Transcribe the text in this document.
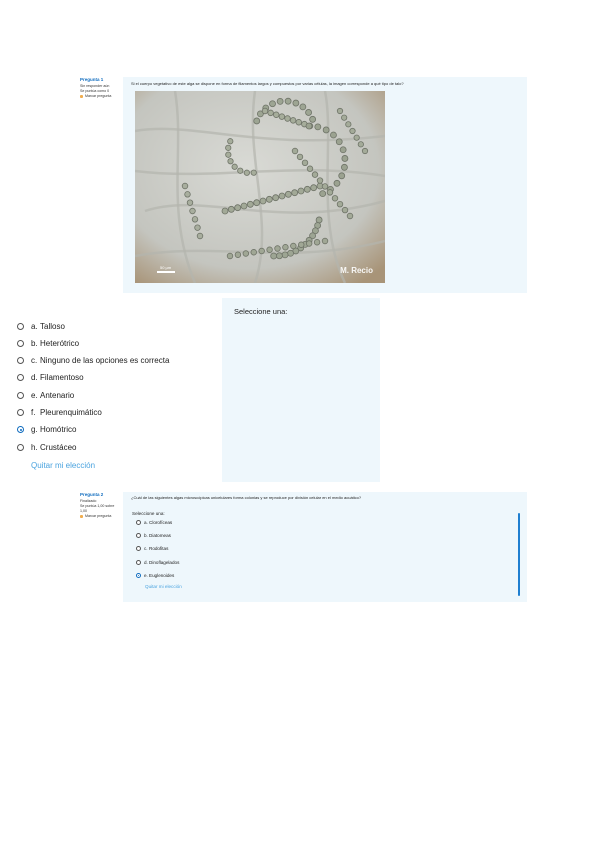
Pregunta 1
Sin responder aún
Se puntúa como 0
Marcar pregunta
Si el cuerpo vegetativo de este alga se dispone en forma de filamentos largos y compuestos por varias células, la imagen corresponde a qué tipo de talo?
50 µm	M. Recio
Seleccione una:
a. Talloso
b. Heterótrico
c. Ninguno de las opciones es correcta
d. Filamentoso
e. Antenario
f. Pleurenquimático
g. Homótrico
h. Crustáceo
Quitar mi elección
Pregunta 2
Finalizado
Se puntúa 1,00 sobre 1,00
Marcar pregunta
¿Cuál de las siguientes algas microscópicas unicelulares forma colonias y se reproduce por división celular en el medio acuático?
Seleccione una:
a. Clorofíceas
b. Diatomeas
c. Rodofitas
d. Dinoflagelados
e. Euglenoides
Quitar mi elección
